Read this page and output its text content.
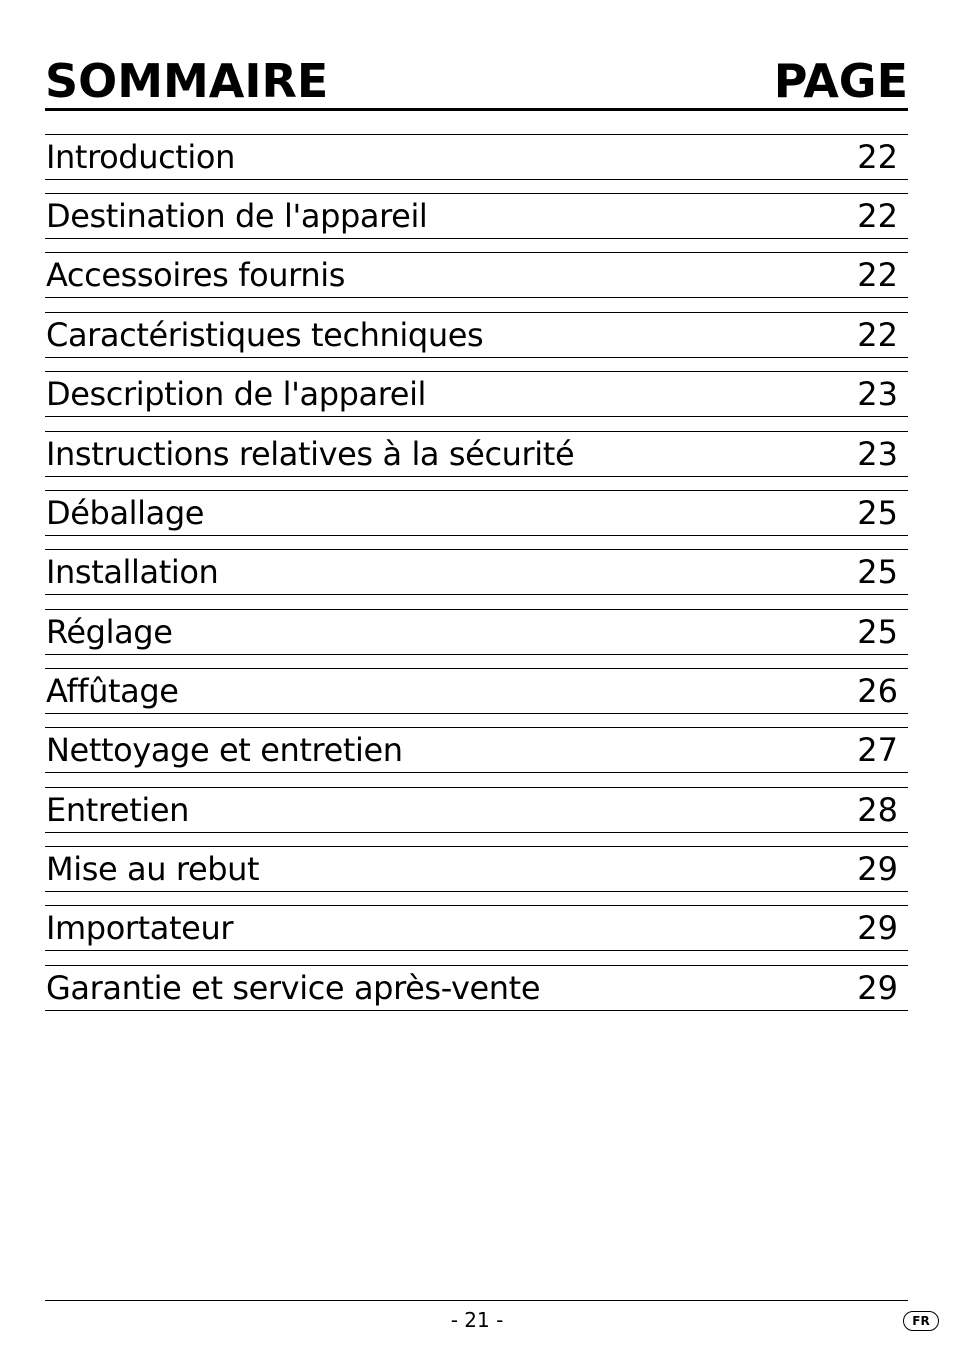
SOMMAIRE	PAGE
Introduction	22
Destination de l'appareil	22
Accessoires fournis	22
Caractéristiques techniques	22
Description de l'appareil	23
Instructions relatives à la sécurité	23
Déballage	25
Installation	25
Réglage	25
Affûtage	26
Nettoyage et entretien	27
Entretien	28
Mise au rebut	29
Importateur	29
Garantie et service après-vente	29
- 21 -	FR
